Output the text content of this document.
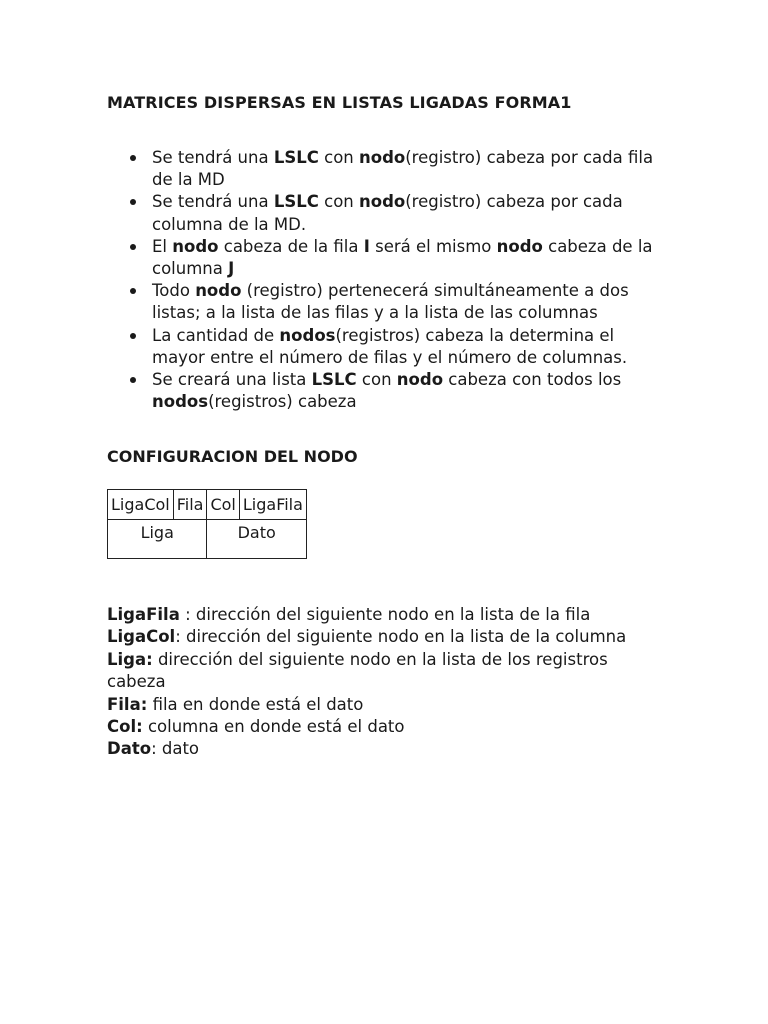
MATRICES DISPERSAS EN LISTAS LIGADAS FORMA1
Se tendrá una LSLC con nodo(registro) cabeza por cada fila de la MD
Se tendrá una LSLC con nodo(registro) cabeza por cada columna de la MD.
El nodo cabeza de la fila I será el mismo nodo cabeza de la columna J
Todo nodo (registro) pertenecerá simultáneamente a dos listas; a la lista de las filas y a la lista de las columnas
La cantidad de nodos(registros) cabeza la determina el mayor entre el número de filas y el número de columnas.
Se creará una lista LSLC con nodo cabeza con todos los nodos(registros) cabeza
CONFIGURACION DEL NODO
LigaCol	Fila	Col	LigaFila
Liga		Dato	

LigaFila : dirección del siguiente nodo en la lista de la fila

LigaCol: dirección del siguiente nodo en la lista de la columna

Liga: dirección del siguiente nodo en la lista de los registros cabeza

Fila: fila en donde está el dato

Col: columna en donde está el dato

Dato: dato
